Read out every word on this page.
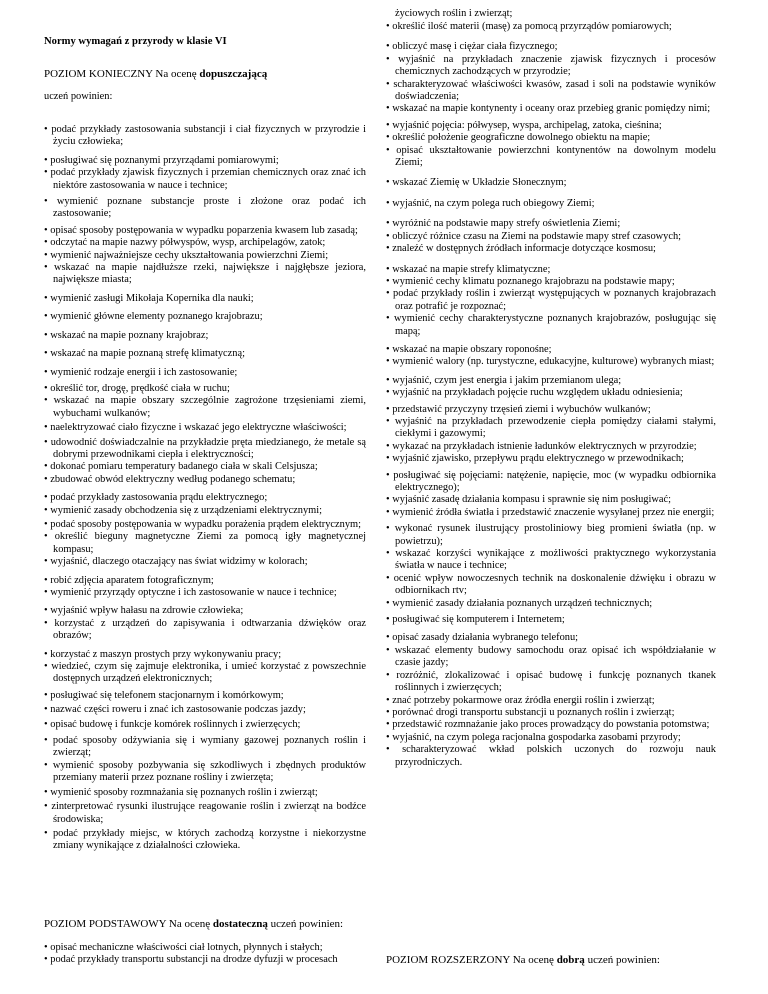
Normy wymagań z przyrody w klasie VI
POZIOM KONIECZNY Na ocenę dopuszczającą
uczeń powinien:
• podać przykłady zastosowania substancji i ciał fizycznych w przyrodzie i życiu człowieka;
• posługiwać się poznanymi przyrządami pomiarowymi;
• podać przykłady zjawisk fizycznych i przemian chemicznych oraz znać ich niektóre zastosowania w nauce i technice;
• wymienić poznane substancje proste i złożone oraz podać ich zastosowanie;
• opisać sposoby postępowania w wypadku poparzenia kwasem lub zasadą;
• odczytać na mapie nazwy półwyspów, wysp, archipelagów, zatok;
• wymienić najważniejsze cechy ukształtowania powierzchni Ziemi;
• wskazać na mapie najdłuższe rzeki, największe i najgłębsze jeziora, największe miasta;
• wymienić zasługi Mikołaja Kopernika dla nauki;
• wymienić główne elementy poznanego krajobrazu;
• wskazać na mapie poznany krajobraz;
• wskazać na mapie poznaną strefę klimatyczną;
• wymienić rodzaje energii i ich zastosowanie;
• określić tor, drogę, prędkość ciała w ruchu;
• wskazać na mapie obszary szczególnie zagrożone trzęsieniami ziemi, wybuchami wulkanów;
• naelektryzować ciało fizyczne i wskazać jego elektryczne właściwości;
• udowodnić doświadczalnie na przykładzie pręta miedzianego, że metale są dobrymi przewodnikami ciepła i elektryczności;
• dokonać pomiaru temperatury badanego ciała w skali Celsjusza;
• zbudować obwód elektryczny według podanego schematu;
• podać przykłady zastosowania prądu elektrycznego;
• wymienić zasady obchodzenia się z urządzeniami elektrycznymi;
• podać sposoby postępowania w wypadku porażenia prądem elektrycznym;
• określić bieguny magnetyczne Ziemi za pomocą igły magnetycznej kompasu;
• wyjaśnić, dlaczego otaczający nas świat widzimy w kolorach;
• robić zdjęcia aparatem fotograficznym;
• wymienić przyrządy optyczne i ich zastosowanie w nauce i technice;
• wyjaśnić wpływ hałasu na zdrowie człowieka;
• korzystać z urządzeń do zapisywania i odtwarzania dźwięków oraz obrazów;
• korzystać z maszyn prostych przy wykonywaniu pracy;
• wiedzieć, czym się zajmuje elektronika, i umieć korzystać z powszechnie dostępnych urządzeń elektronicznych;
• posługiwać się telefonem stacjonarnym i komórkowym;
• nazwać części roweru i znać ich zastosowanie podczas jazdy;
• opisać budowę i funkcje komórek roślinnych i zwierzęcych;
• podać sposoby odżywiania się i wymiany gazowej poznanych roślin i zwierząt;
• wymienić sposoby pozbywania się szkodliwych i zbędnych produktów przemiany materii przez poznane rośliny i zwierzęta;
• wymienić sposoby rozmnażania się poznanych roślin i zwierząt;
• zinterpretować rysunki ilustrujące reagowanie roślin i zwierząt na bodźce środowiska;
• podać przykłady miejsc, w których zachodzą korzystne i niekorzystne zmiany wynikające z działalności człowieka.
POZIOM PODSTAWOWY Na ocenę dostateczną uczeń powinien:
• opisać mechaniczne właściwości ciał lotnych, płynnych i stałych;
• podać przykłady transportu substancji na drodze dyfuzji w procesach
życiowych roślin i zwierząt;
• określić ilość materii (masę) za pomocą przyrządów pomiarowych;
• obliczyć masę i ciężar ciała fizycznego;
• wyjaśnić na przykładach znaczenie zjawisk fizycznych i procesów chemicznych zachodzących w przyrodzie;
• scharakteryzować właściwości kwasów, zasad i soli na podstawie wyników doświadczenia;
• wskazać na mapie kontynenty i oceany oraz przebieg granic pomiędzy nimi;
• wyjaśnić pojęcia: półwysep, wyspa, archipelag, zatoka, cieśnina;
• określić położenie geograficzne dowolnego obiektu na mapie;
• opisać ukształtowanie powierzchni kontynentów na dowolnym modelu Ziemi;
• wskazać Ziemię w Układzie Słonecznym;
• wyjaśnić, na czym polega ruch obiegowy Ziemi;
• wyróżnić na podstawie mapy strefy oświetlenia Ziemi;
• obliczyć różnice czasu na Ziemi na podstawie mapy stref czasowych;
• znaleźć w dostępnych źródłach informacje dotyczące kosmosu;
• wskazać na mapie strefy klimatyczne;
• wymienić cechy klimatu poznanego krajobrazu na podstawie mapy;
• podać przykłady roślin i zwierząt występujących w poznanych krajobrazach oraz potrafić je rozpoznać;
• wymienić cechy charakterystyczne poznanych krajobrazów, posługując się mapą;
• wskazać na mapie obszary roponośne;
• wymienić walory (np. turystyczne, edukacyjne, kulturowe) wybranych miast;
• wyjaśnić, czym jest energia i jakim przemianom ulega;
• wyjaśnić na przykładach pojęcie ruchu względem układu odniesienia;
• przedstawić przyczyny trzęsień ziemi i wybuchów wulkanów;
• wyjaśnić na przykładach przewodzenie ciepła pomiędzy ciałami stałymi, ciekłymi i gazowymi;
• wykazać na przykładach istnienie ładunków elektrycznych w przyrodzie;
• wyjaśnić zjawisko, przepływu prądu elektrycznego w przewodnikach;
• posługiwać się pojęciami: natężenie, napięcie, moc (w wypadku odbiornika elektrycznego);
• wyjaśnić zasadę działania kompasu i sprawnie się nim posługiwać;
• wymienić źródła światła i przedstawić znaczenie wysyłanej przez nie energii;
• wykonać rysunek ilustrujący prostoliniowy bieg promieni światła (np. w powietrzu);
• wskazać korzyści wynikające z możliwości praktycznego wykorzystania światła w nauce i technice;
• ocenić wpływ nowoczesnych technik na doskonalenie dźwięku i obrazu w odbiornikach rtv;
• wymienić zasady działania poznanych urządzeń technicznych;
• posługiwać się komputerem i Internetem;
• opisać zasady działania wybranego telefonu;
• wskazać elementy budowy samochodu oraz opisać ich współdziałanie w czasie jazdy;
• rozróżnić, zlokalizować i opisać budowę i funkcję poznanych tkanek roślinnych i zwierzęcych;
• znać potrzeby pokarmowe oraz źródła energii roślin i zwierząt;
• porównać drogi transportu substancji u poznanych roślin i zwierząt;
• przedstawić rozmnażanie jako proces prowadzący do powstania potomstwa;
• wyjaśnić, na czym polega racjonalna gospodarka zasobami przyrody;
• scharakteryzować wkład polskich uczonych do rozwoju nauk przyrodniczych.
POZIOM ROZSZERZONY Na ocenę dobrą uczeń powinien:
